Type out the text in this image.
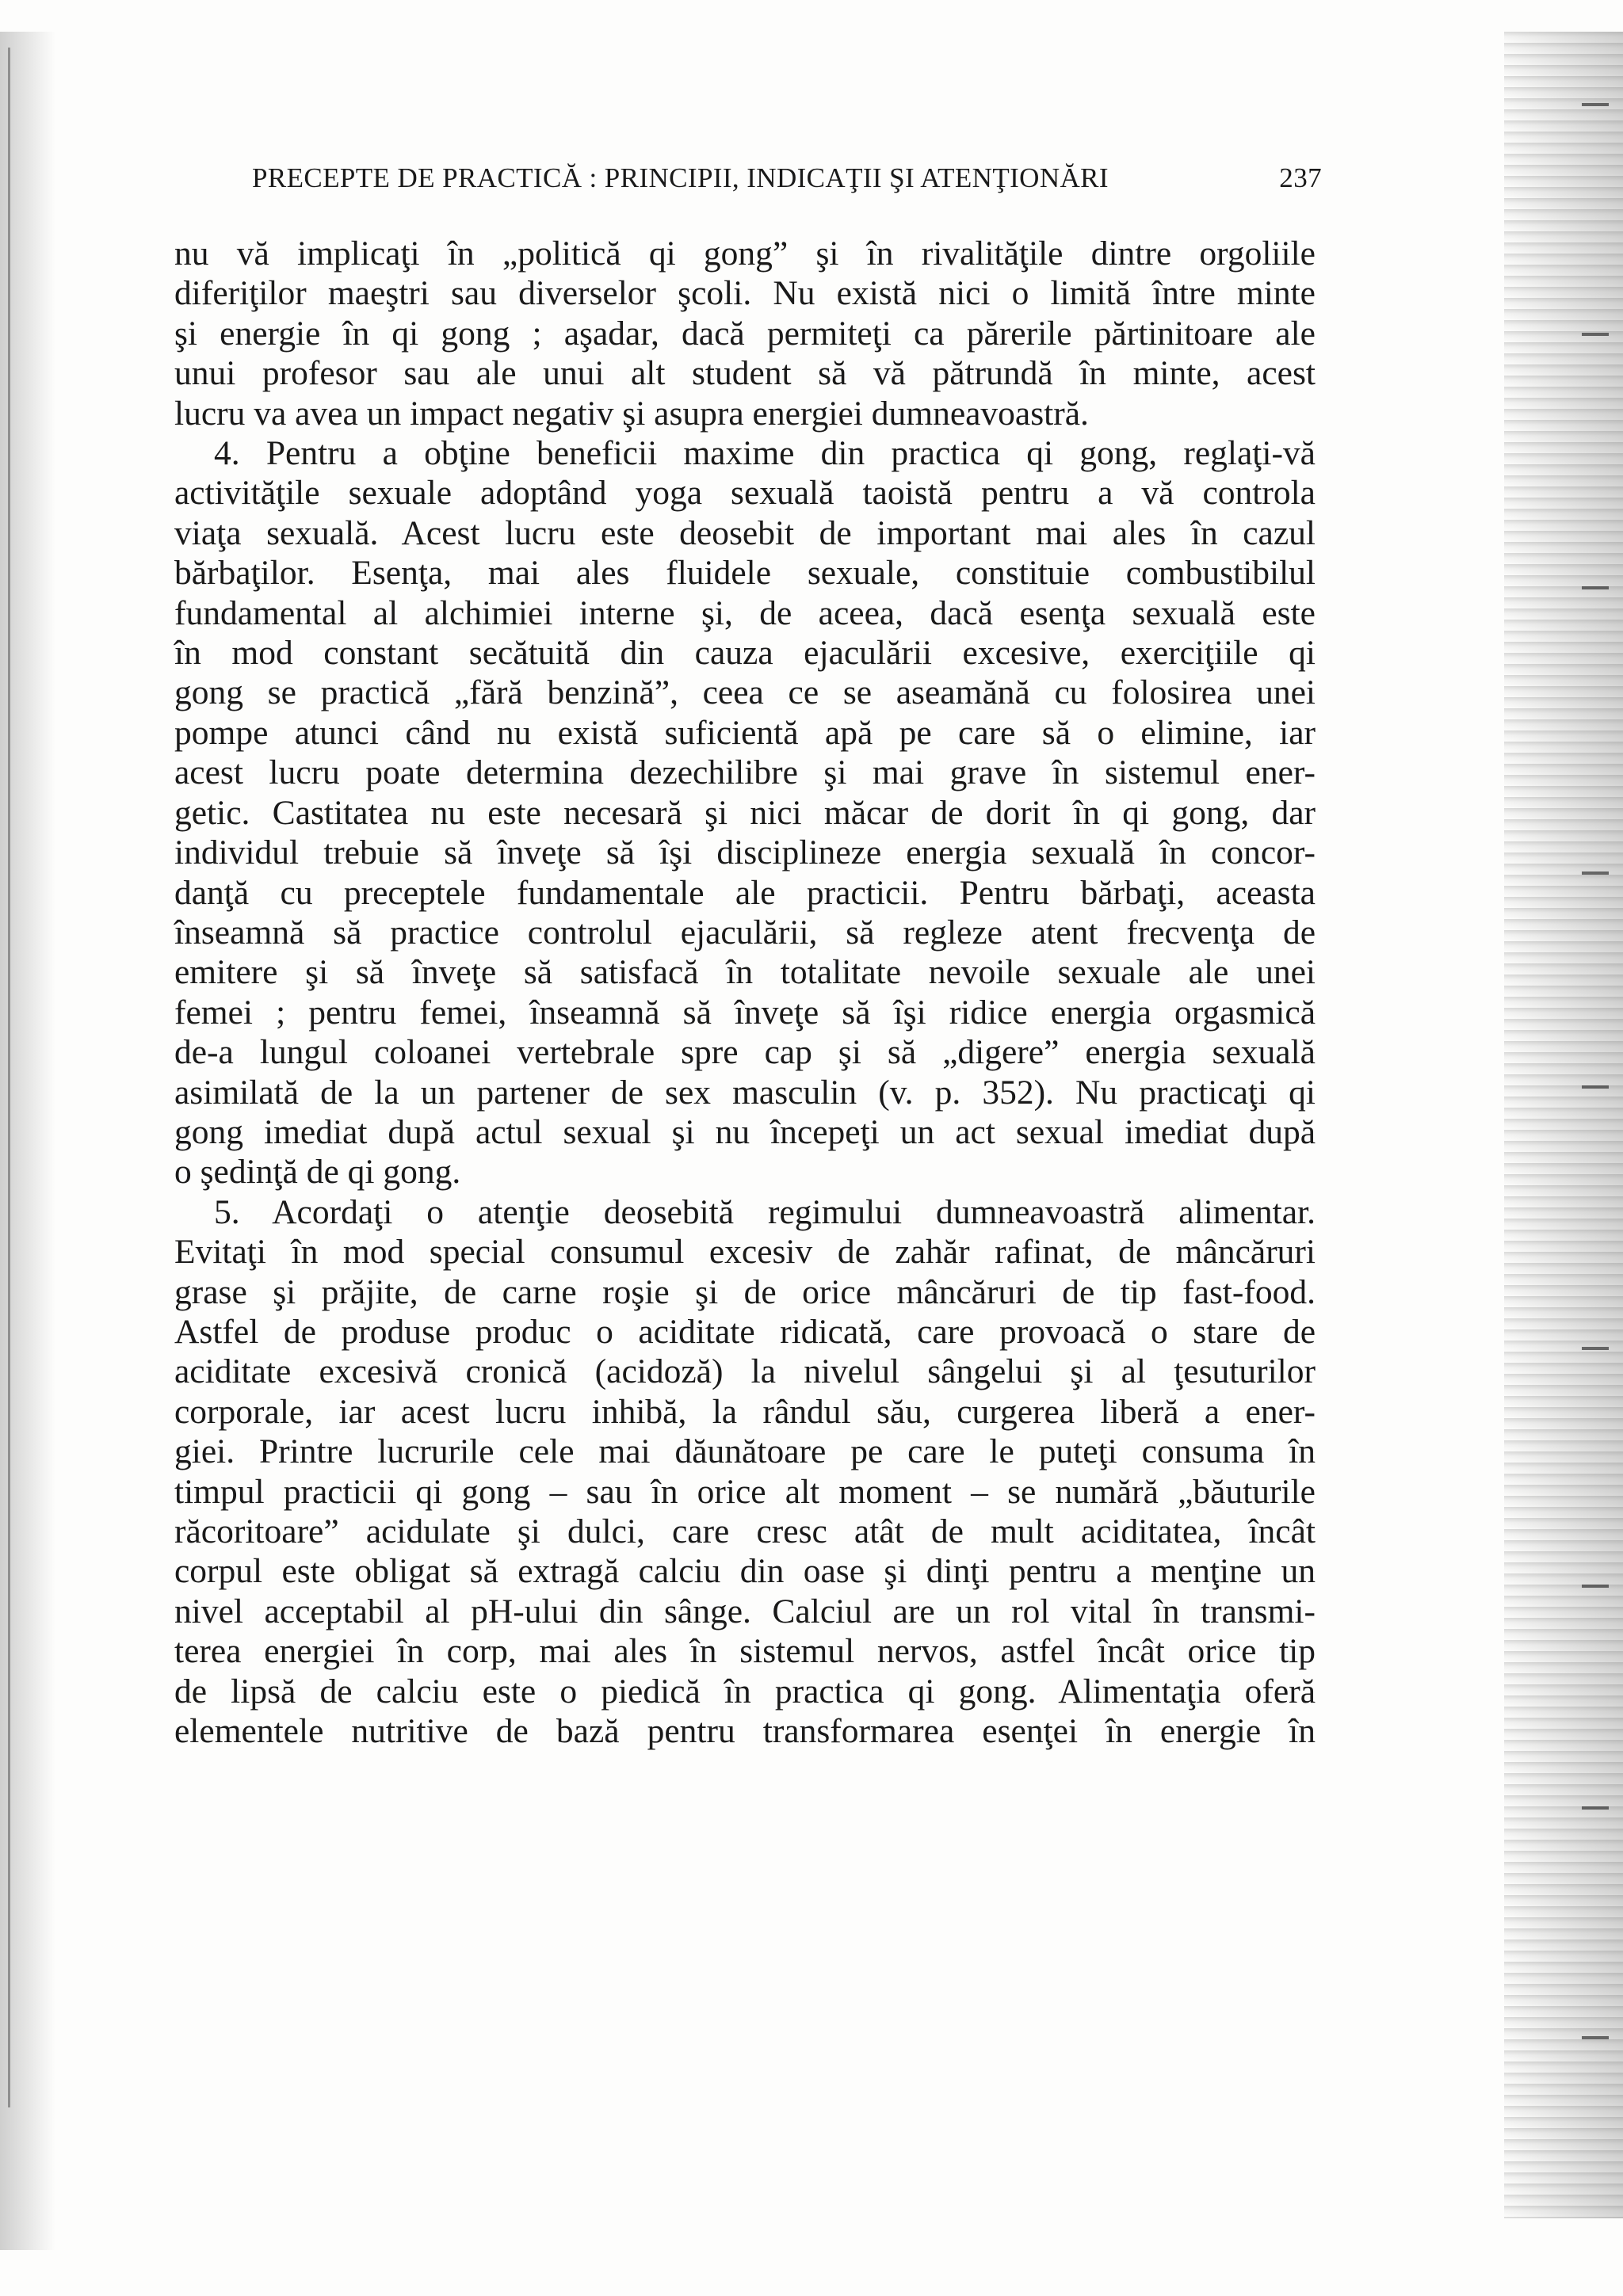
PRECEPTE DE PRACTICĂ : PRINCIPII, INDICAŢII ŞI ATENŢIONĂRI	237
nu vă implicaţi în „politică qi gong” şi în rivalităţile dintre orgoliile
diferiţilor maeştri sau diverselor şcoli. Nu există nici o limită între minte
şi energie în qi gong ; aşadar, dacă permiteţi ca părerile părtinitoare ale
unui profesor sau ale unui alt student să vă pătrundă în minte, acest
lucru va avea un impact negativ şi asupra energiei dumneavoastră.
4. Pentru a obţine beneficii maxime din practica qi gong, reglaţi-vă
activităţile sexuale adoptând yoga sexuală taoistă pentru a vă controla
viaţa sexuală. Acest lucru este deosebit de important mai ales în cazul
bărbaţilor. Esenţa, mai ales fluidele sexuale, constituie combustibilul
fundamental al alchimiei interne şi, de aceea, dacă esenţa sexuală este
în mod constant secătuită din cauza ejaculării excesive, exerciţiile qi
gong se practică „fără benzină”, ceea ce se aseamănă cu folosirea unei
pompe atunci când nu există suficientă apă pe care să o elimine, iar
acest lucru poate determina dezechilibre şi mai grave în sistemul ener-
getic. Castitatea nu este necesară şi nici măcar de dorit în qi gong, dar
individul trebuie să înveţe să îşi disciplineze energia sexuală în concor-
danţă cu preceptele fundamentale ale practicii. Pentru bărbaţi, aceasta
înseamnă să practice controlul ejaculării, să regleze atent frecvenţa de
emitere şi să înveţe să satisfacă în totalitate nevoile sexuale ale unei
femei ; pentru femei, înseamnă să înveţe să îşi ridice energia orgasmică
de-a lungul coloanei vertebrale spre cap şi să „digere” energia sexuală
asimilată de la un partener de sex masculin (v. p. 352). Nu practicaţi qi
gong imediat după actul sexual şi nu începeţi un act sexual imediat după
o şedinţă de qi gong.
5. Acordaţi o atenţie deosebită regimului dumneavoastră alimentar.
Evitaţi în mod special consumul excesiv de zahăr rafinat, de mâncăruri
grase şi prăjite, de carne roşie şi de orice mâncăruri de tip fast-food.
Astfel de produse produc o aciditate ridicată, care provoacă o stare de
aciditate excesivă cronică (acidoză) la nivelul sângelui şi al ţesuturilor
corporale, iar acest lucru inhibă, la rândul său, curgerea liberă a ener-
giei. Printre lucrurile cele mai dăunătoare pe care le puteţi consuma în
timpul practicii qi gong – sau în orice alt moment – se numără „băuturile
răcoritoare” acidulate şi dulci, care cresc atât de mult aciditatea, încât
corpul este obligat să extragă calciu din oase şi dinţi pentru a menţine un
nivel acceptabil al pH-ului din sânge. Calciul are un rol vital în transmi-
terea energiei în corp, mai ales în sistemul nervos, astfel încât orice tip
de lipsă de calciu este o piedică în practica qi gong. Alimentaţia oferă
elementele nutritive de bază pentru transformarea esenţei în energie în
